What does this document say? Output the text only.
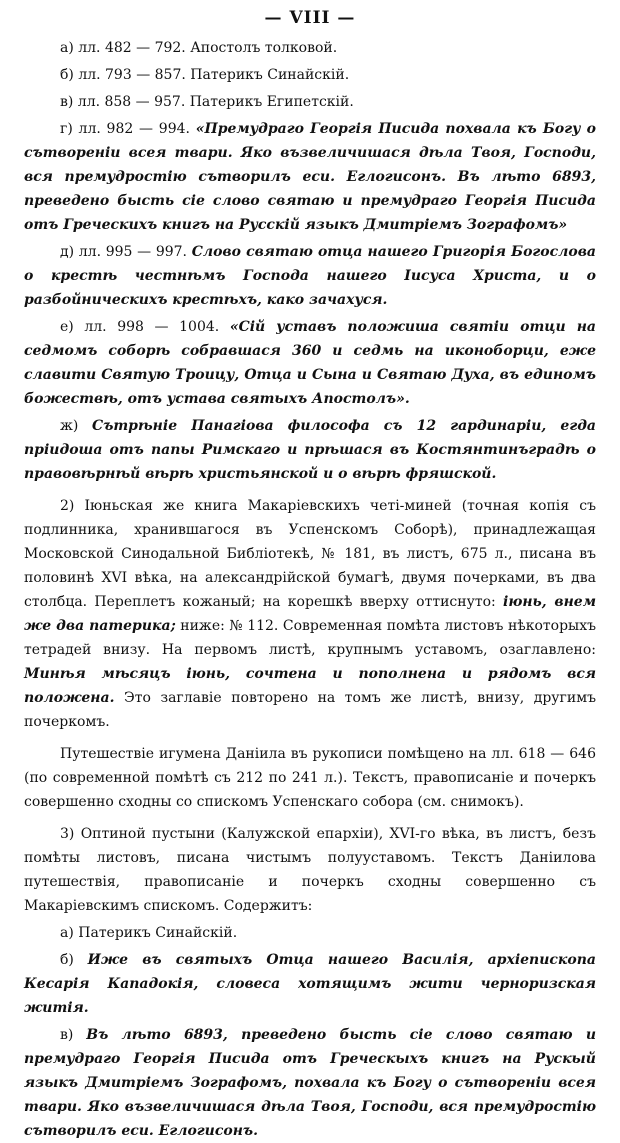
— VIII —

а) лл. 482 — 792. Апостолъ толковой.

б) лл. 793 — 857. Патерикъ Синайскій.

в) лл. 858 — 957. Патерикъ Египетскій.

г) лл. 982 — 994. «Премудраго Георгія Писида похвала къ Богу о сътвореніи всея твари. Яко възвеличишася дѣла Твоя, Господи, вся премудростію сътворилъ еси. Еглогисонъ. Въ лѣто 6893, преведено бысть сіе слово святаю и премудраго Георгія Писида отъ Греческихъ книгъ на Русскій языкъ Дмитріемъ Зографомъ»

д) лл. 995 — 997. Слово святаю отца нашего Григорія Богослова о крестѣ честнѣмъ Господа нашего Іисуса Христа, и о разбойническихъ крестѣхъ, како зачахуся.

е) лл. 998 — 1004. «Сій уставъ положиша святіи отци на седмомъ соборѣ собравшася 360 и седмь на иконоборци, еже славити Святую Троицу, Отца и Сына и Святаю Духа, въ единомъ божествѣ, отъ устава святыхъ Апостолъ».

ж) Сътрѣніе Панагіова философа съ 12 гардинаріи, егда пріидоша отъ папы Римскаго и прѣшася въ Костянтинъградѣ о правовѣрнѣй вѣрѣ христьянской и о вѣрѣ фряшской.

2) Іюньская же книга Макаріевскихъ четі-миней (точная копія съ подлинника, хранившагося въ Успенскомъ Соборѣ), принадлежащая Московской Синодальной Библіотекѣ, № 181, въ листъ, 675 л., писана въ половинѣ XVI вѣка, на александрійской бумагѣ, двумя почерками, въ два столбца. Переплетъ кожаный; на корешкѣ вверху оттиснуто: іюнь, внем же два патерика; ниже: № 112. Современная помѣта листовъ нѣкоторыхъ тетрадей внизу. На первомъ листѣ, крупнымъ уставомъ, озаглавлено: Минѣя мѣсяцъ іюнь, сочтена и пополнена и рядомъ вся положена. Это заглавіе повторено на томъ же листѣ, внизу, другимъ почеркомъ.

Путешествіе игумена Даніила въ рукописи помѣщено на лл. 618 — 646 (по современной помѣтѣ съ 212 по 241 л.). Текстъ, правописаніе и почеркъ совершенно сходны со спискомъ Успенскаго собора (см. снимокъ).

3) Оптиной пустыни (Калужской епархіи), XVI-го вѣка, въ листъ, безъ помѣты листовъ, писана чистымъ полууставомъ. Текстъ Даніилова путешествія, правописаніе и почеркъ сходны совершенно съ Макаріевскимъ спискомъ. Содержитъ:

а) Патерикъ Синайскій.

б) Иже въ святыхъ Отца нашего Василія, архіепископа Кесарія Кападокія, словеса хотящимъ жити черноризская житія.

в) Въ лѣто 6893, преведено бысть сіе слово святаю и премудраго Георгія Писида отъ Греческыхъ книгъ на Рускый языкъ Дмитріемъ Зографомъ, похвала къ Богу о сътвореніи всея твари. Яко възвеличишася дѣла Твоя, Господи, вся премудростію сътворилъ еси. Еглогисонъ.
